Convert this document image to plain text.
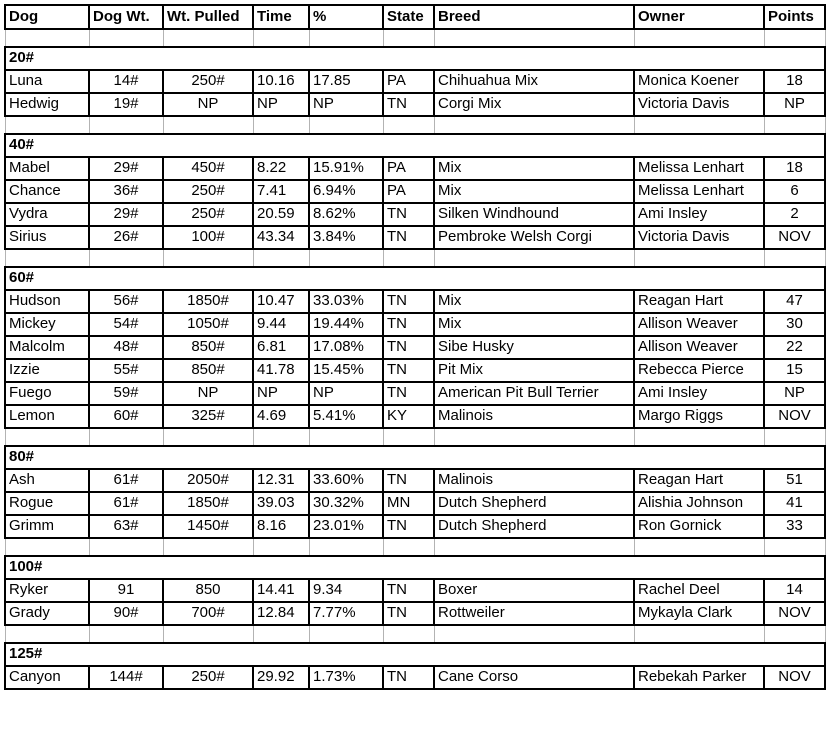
Dog	Dog Wt.	Wt. Pulled	Time	%	State	Breed	Owner	Points

20#								
Luna	14#	250#	10.16	17.85	PA	Chihuahua Mix	Monica Koener	18
Hedwig	19#	NP	NP	NP	TN	Corgi Mix	Victoria Davis	NP

40#								
Mabel	29#	450#	8.22	15.91%	PA	Mix	Melissa Lenhart	18
Chance	36#	250#	7.41	6.94%	PA	Mix	Melissa Lenhart	6
Vydra	29#	250#	20.59	8.62%	TN	Silken Windhound	Ami Insley	2
Sirius	26#	100#	43.34	3.84%	TN	Pembroke Welsh Corgi	Victoria Davis	NOV

60#								
Hudson	56#	1850#	10.47	33.03%	TN	Mix	Reagan Hart	47
Mickey	54#	1050#	9.44	19.44%	TN	Mix	Allison Weaver	30
Malcolm	48#	850#	6.81	17.08%	TN	Sibe Husky	Allison Weaver	22
Izzie	55#	850#	41.78	15.45%	TN	Pit Mix	Rebecca Pierce	15
Fuego	59#	NP	NP	NP	TN	American Pit Bull Terrier	Ami Insley	NP
Lemon	60#	325#	4.69	5.41%	KY	Malinois	Margo Riggs	NOV

80#								
Ash	61#	2050#	12.31	33.60%	TN	Malinois	Reagan Hart	51
Rogue	61#	1850#	39.03	30.32%	MN	Dutch Shepherd	Alishia Johnson	41
Grimm	63#	1450#	8.16	23.01%	TN	Dutch Shepherd	Ron Gornick	33

100#								
Ryker	91	850	14.41	9.34	TN	Boxer	Rachel Deel	14
Grady	90#	700#	12.84	7.77%	TN	Rottweiler	Mykayla Clark	NOV

125#								
Canyon	144#	250#	29.92	1.73%	TN	Cane Corso	Rebekah Parker	NOV
